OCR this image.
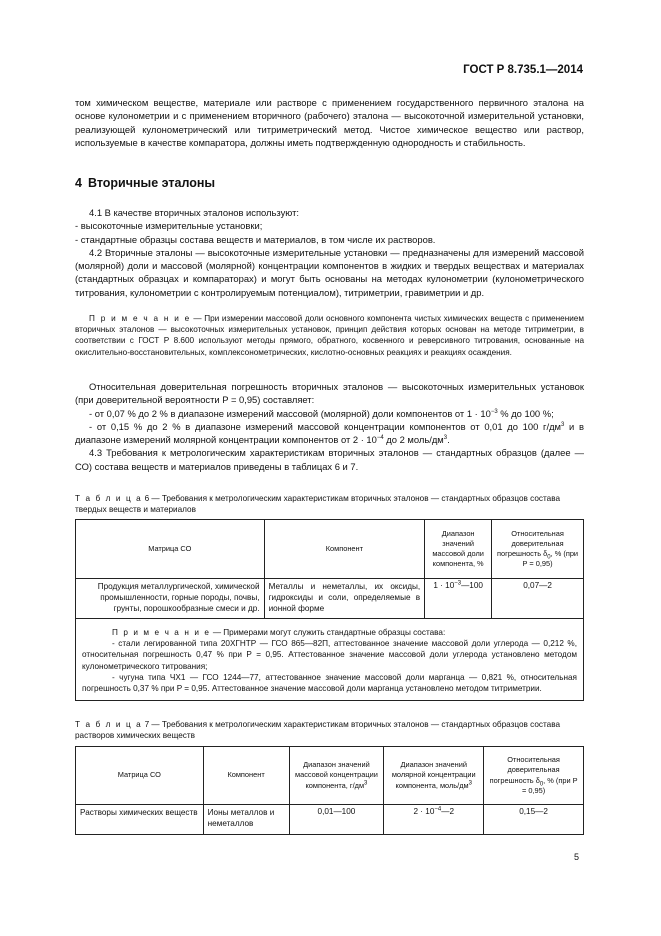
ГОСТ Р 8.735.1—2014

том химическом веществе, материале или растворе с применением государственного первичного эталона на основе кулонометрии и с применением вторичного (рабочего) эталона — высокоточной измерительной установки, реализующей кулонометрический или титриметрический метод. Чистое химическое вещество или раствор, используемые в качестве компаратора, должны иметь подтвержденную однородность и стабильность.

4 Вторичные эталоны

4.1 В качестве вторичных эталонов используют:

- высокоточные измерительные установки;

- стандартные образцы состава веществ и материалов, в том числе их растворов.

4.2 Вторичные эталоны — высокоточные измерительные установки — предназначены для измерений массовой (молярной) доли и массовой (молярной) концентрации компонентов в жидких и твердых веществах и материалах (стандартных образцах и компараторах) и могут быть основаны на методах кулонометрии (кулонометрического титрования, кулонометрии с контролируемым потенциалом), титриметрии, гравиметрии и др.

П р и м е ч а н и е — При измерении массовой доли основного компонента чистых химических веществ с применением вторичных эталонов — высокоточных измерительных установок, принцип действия которых основан на методе титриметрии, в соответствии с ГОСТ Р 8.600 используют методы прямого, обратного, косвенного и реверсивного титрования, основанные на окислительно-восстановительных, комплексонометрических, кислотно-основных реакциях и реакциях осаждения.

Относительная доверительная погрешность вторичных эталонов — высокоточных измерительных установок (при доверительной вероятности P = 0,95) составляет:

- от 0,07 % до 2 % в диапазоне измерений массовой (молярной) доли компонентов от $1 \cdot 10^{-3}$ % до 100 %;

- от 0,15 % до 2 % в диапазоне измерений массовой концентрации компонентов от 0,01 до 100 $г/дм^3$ и в диапазоне измерений молярной концентрации компонентов от $2 \cdot 10^{-4}$ до 2 моль/$дм^3$.

4.3 Требования к метрологическим характеристикам вторичных эталонов — стандартных образцов (далее — СО) состава веществ и материалов приведены в таблицах 6 и 7.

Т а б л и ц а 6 — Требования к метрологическим характеристикам вторичных эталонов — стандартных образцов состава твердых веществ и материалов
Матрица СО	Компонент	Диапазон значений массовой доли компонента, %	Относительная доверительная погрешность $\delta_0$, % (при P = 0,95)
Продукция металлургической, химической промышленности, горные породы, почвы, грунты, порошкообразные смеси и др.	Металлы и неметаллы, их оксиды, гидроксиды и соли, определяемые в ионной форме	$1 \cdot 10^{-3}—100$	0,07—2

П р и м е ч а н и е — Примерами могут служить стандартные образцы состава:

- стали легированной типа 20ХГНТР — ГСО 865—82П, аттестованное значение массовой доли углерода — 0,212 %, относительная погрешность 0,47 % при P = 0,95. Аттестованное значение массовой доли углерода установлено методом кулонометрического титрования;

- чугуна типа ЧХ1 — ГСО 1244—77, аттестованное значение массовой доли марганца — 0,821 %, относительная погрешность 0,37 % при P = 0,95. Аттестованное значение массовой доли марганца установлено методом титриметрии.			

Т а б л и ц а 7 — Требования к метрологическим характеристикам вторичных эталонов — стандартных образцов состава растворов химических веществ
Матрица СО	Компонент	Диапазон значений массовой концентрации компонента, $г/дм^3$	Диапазон значений молярной концентрации компонента, моль/$дм^3$	Относительная доверительная погрешность $\delta_0$, % (при P = 0,95)
Растворы химических веществ	Ионы металлов и неметаллов	0,01—100	$2 \cdot 10^{-4}—2$	0,15—2
5
